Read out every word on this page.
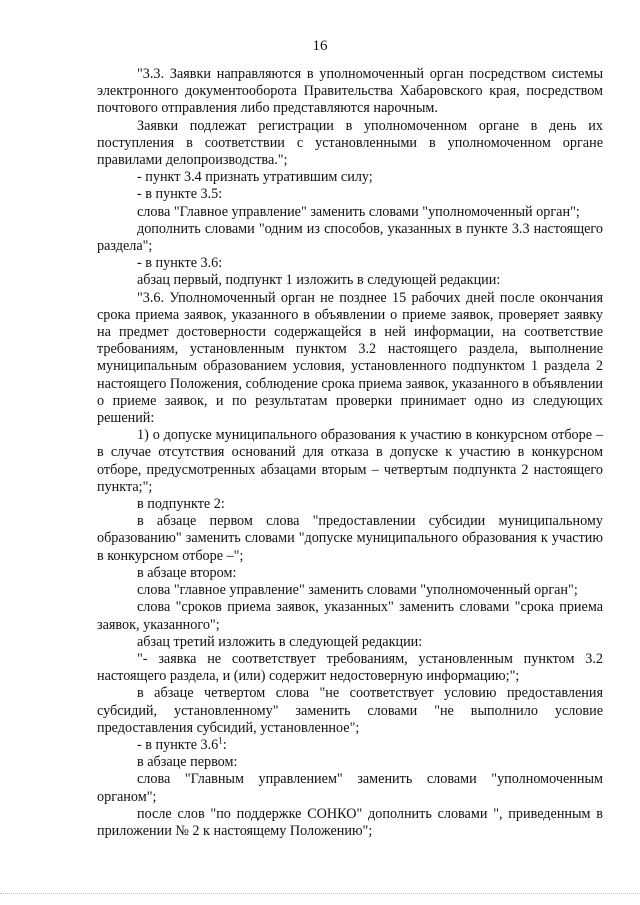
16

"3.3. Заявки направляются в уполномоченный орган посредством системы электронного документооборота Правительства Хабаровского края, посредством почтового отправления либо представляются нарочным.

Заявки подлежат регистрации в уполномоченном органе в день их поступления в соответствии с установленными в уполномоченном органе правилами делопроизводства.";

- пункт 3.4 признать утратившим силу;

- в пункте 3.5:

слова "Главное управление" заменить словами "уполномоченный орган";

дополнить словами "одним из способов, указанных в пункте 3.3 настоящего раздела";

- в пункте 3.6:

абзац первый, подпункт 1 изложить в следующей редакции:

"3.6. Уполномоченный орган не позднее 15 рабочих дней после окончания срока приема заявок, указанного в объявлении о приеме заявок, проверяет заявку на предмет достоверности содержащейся в ней информации, на соответствие требованиям, установленным пунктом 3.2 настоящего раздела, выполнение муниципальным образованием условия, установленного подпунктом 1 раздела 2 настоящего Положения, соблюдение срока приема заявок, указанного в объявлении о приеме заявок, и по результатам проверки принимает одно из следующих решений:

1) о допуске муниципального образования к участию в конкурсном отборе – в случае отсутствия оснований для отказа в допуске к участию в конкурсном отборе, предусмотренных абзацами вторым – четвертым подпункта 2 настоящего пункта;";

в подпункте 2:

в абзаце первом слова "предоставлении субсидии муниципальному образованию" заменить словами "допуске муниципального образования к участию в конкурсном отборе –";

в абзаце втором:

слова "главное управление" заменить словами "уполномоченный орган";

слова "сроков приема заявок, указанных" заменить словами "срока приема заявок, указанного";

абзац третий изложить в следующей редакции:

"- заявка не соответствует требованиям, установленным пунктом 3.2 настоящего раздела, и (или) содержит недостоверную информацию;";

в абзаце четвертом слова "не соответствует условию предоставления субсидий, установленному" заменить словами "не выполнило условие предоставления субсидий, установленное";

- в пункте $3.6^1$:

в абзаце первом:

слова "Главным управлением" заменить словами "уполномоченным органом";

после слов "по поддержке СОНКО" дополнить словами ", приведенным в приложении № 2 к настоящему Положению";
